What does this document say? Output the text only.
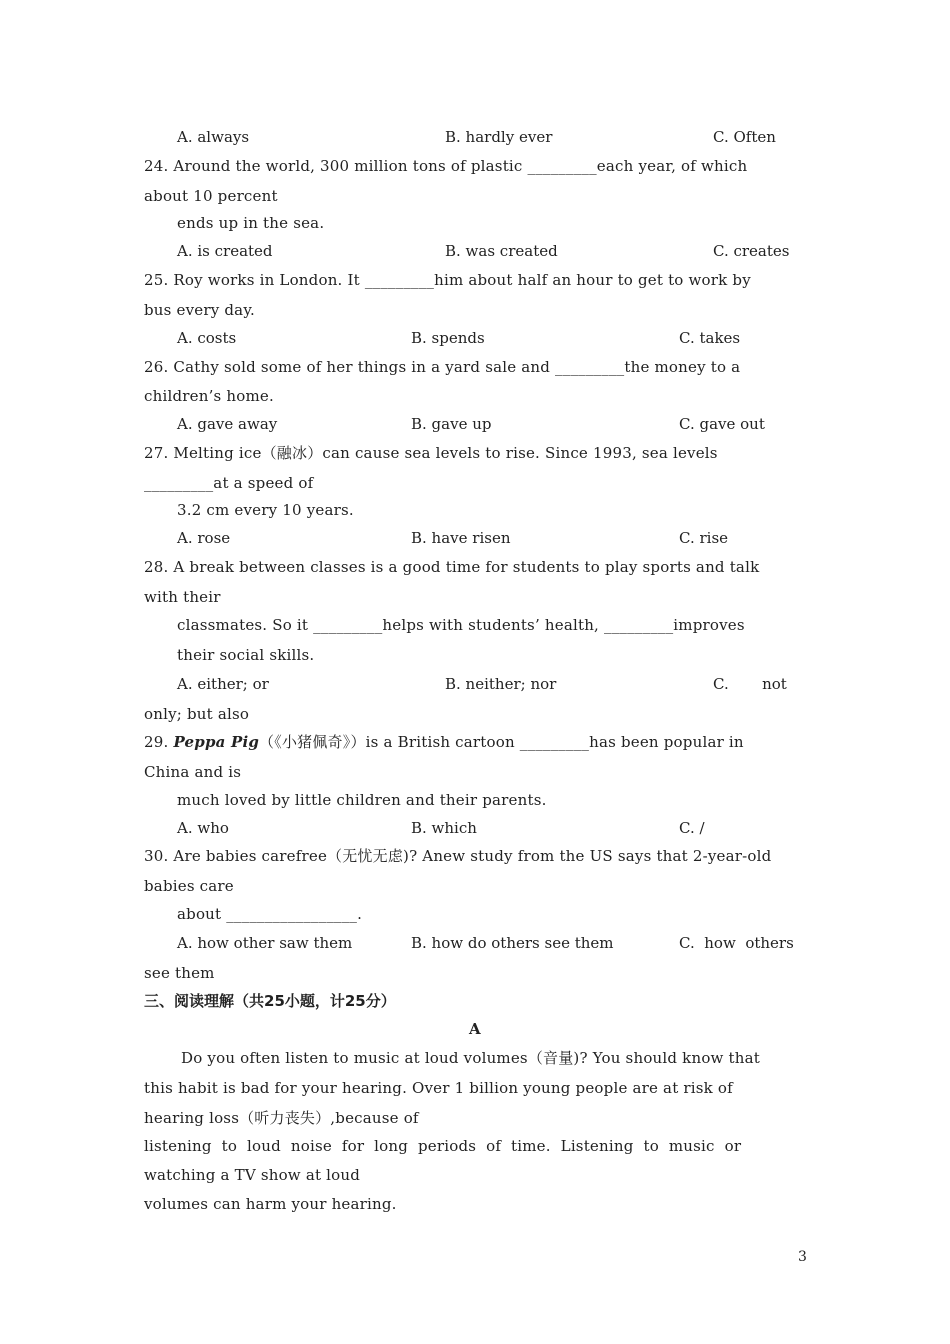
A. always	B. hardly ever	C. Often
24. Around the world, 300 million tons of plastic _________each year, of which
about 10 percent
ends up in the sea.
A. is created	B. was created	C. creates
25. Roy works in London. It _________him about half an hour to get to work by
bus every day.
A. costs	B. spends	C. takes
26. Cathy sold some of her things in a yard sale and _________the money to a
children’s home.
A. gave away	B. gave up	C. gave out
27. Melting ice（融冰）can cause sea levels to rise. Since 1993, sea levels
_________at a speed of
3.2 cm every 10 years.
A. rose	B. have risen	C. rise
28. A break between classes is a good time for students to play sports and talk
with their
classmates. So it _________helps with students’ health, _________improves
their social skills.
A. either; or	B. neither; nor	C.       not
only; but also
29. Peppa Pig（《小猪佩奇》）is a British cartoon _________has been popular in
China and is
much loved by little children and their parents.
A. who	B. which	C. /
30. Are babies carefree（无忧无虑)? Anew study from the US says that 2-year-old
babies care
about _________________.
A. how other saw them	B. how do others see them	C.  how  others
see them
三、阅读理解（共25小题，计25分）
A
Do you often listen to music at loud volumes（音量)? You should know that
this habit is bad for your hearing. Over 1 billion young people are at risk of
hearing loss（听力丧失）,because of
listening  to  loud  noise  for  long  periods  of  time.  Listening  to  music  or
watching a TV show at loud
volumes can harm your hearing.
3
